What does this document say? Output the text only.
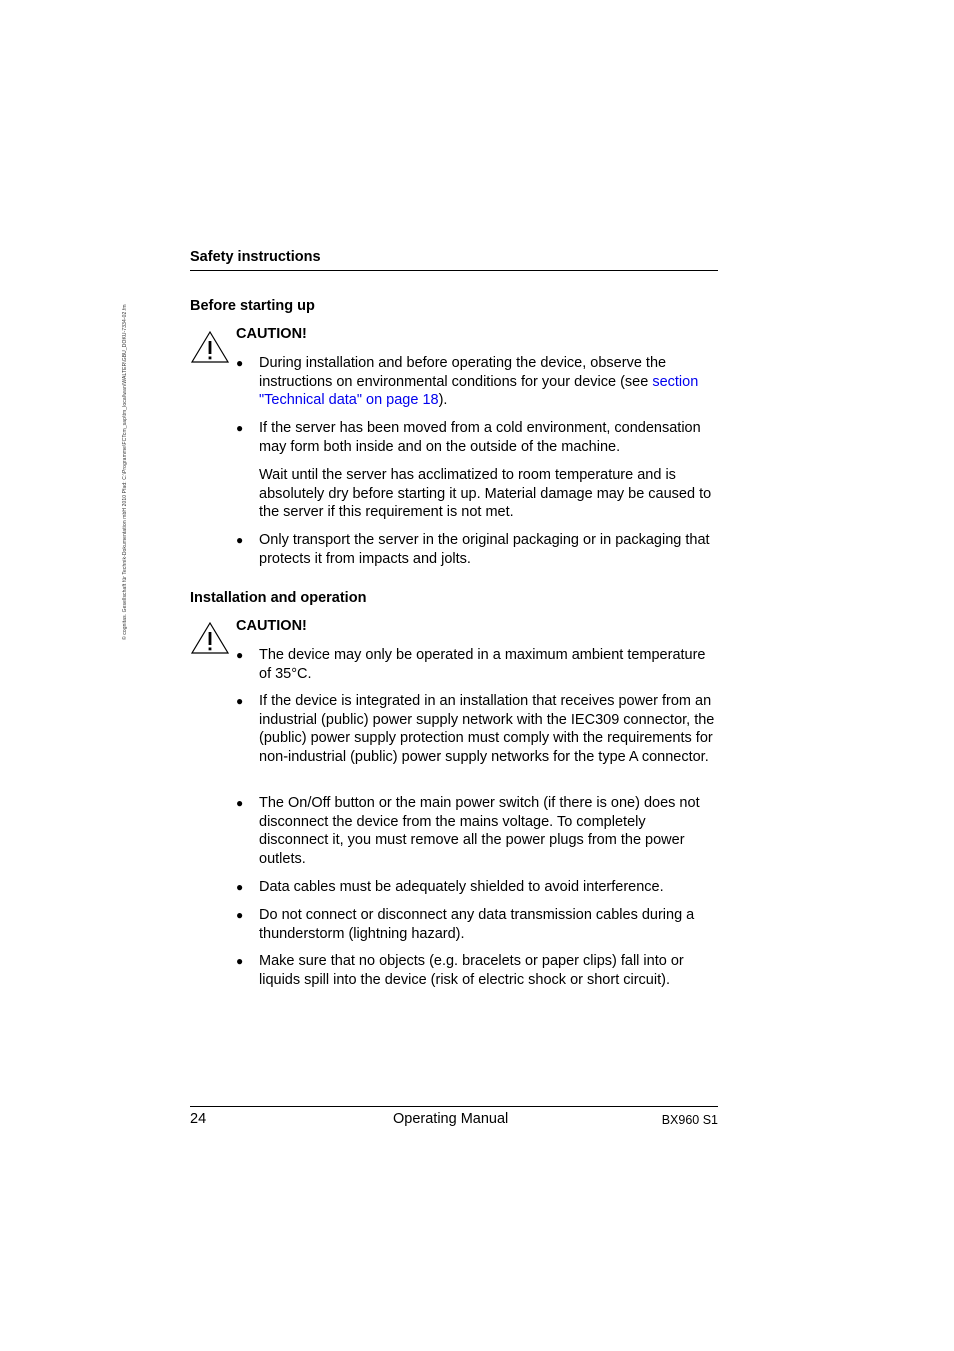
© cognitas. Gesellschaft für Technik-Dokumentation mbH 2010 Pfad: C:\Programme\FCTcm_sap\tm_local\wan\WALTER\GBU_DOKU-7334-02.fm
Safety instructions
Before starting up
CAUTION!
● During installation and before operating the device, observe the instructions on environmental conditions for your device (see section "Technical data" on page 18).
● If the server has been moved from a cold environment, condensation may form both inside and on the outside of the machine.
Wait until the server has acclimatized to room temperature and is absolutely dry before starting it up. Material damage may be caused to the server if this requirement is not met.
● Only transport the server in the original packaging or in packaging that protects it from impacts and jolts.
Installation and operation
CAUTION!
● The device may only be operated in a maximum ambient temperature of 35°C.
● If the device is integrated in an installation that receives power from an industrial (public) power supply network with the IEC309 connector, the (public) power supply protection must comply with the requirements for non-industrial (public) power supply networks for the type A connector.
● The On/Off button or the main power switch (if there is one) does not disconnect the device from the mains voltage. To completely disconnect it, you must remove all the power plugs from the power outlets.
● Data cables must be adequately shielded to avoid interference.
● Do not connect or disconnect any data transmission cables during a thunderstorm (lightning hazard).
● Make sure that no objects (e.g. bracelets or paper clips) fall into or liquids spill into the device (risk of electric shock or short circuit).
24	Operating Manual	BX960 S1
